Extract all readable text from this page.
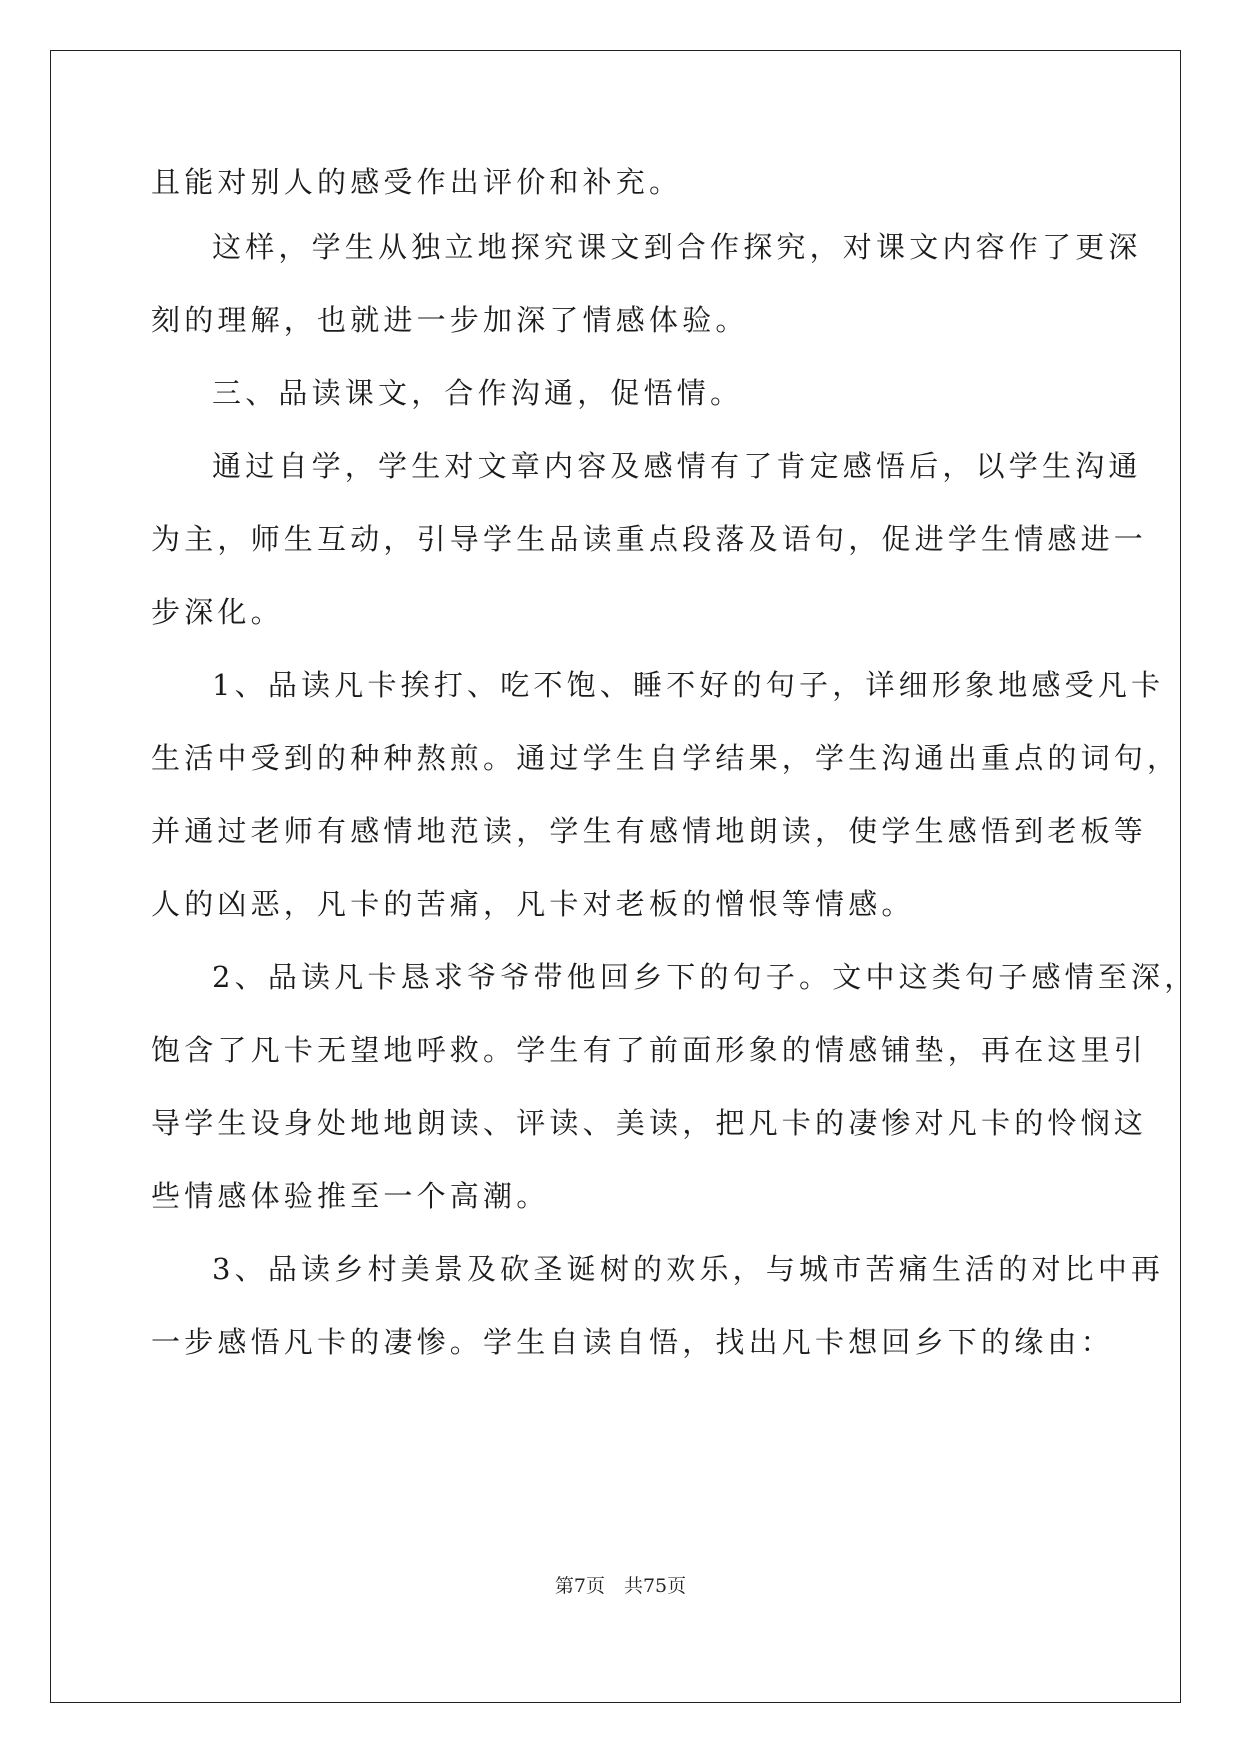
且能对别人的感受作出评价和补充。
这样，学生从独立地探究课文到合作探究，对课文内容作了更深
刻的理解，也就进一步加深了情感体验。
三、品读课文，合作沟通，促悟情。
通过自学，学生对文章内容及感情有了肯定感悟后，以学生沟通
为主，师生互动，引导学生品读重点段落及语句，促进学生情感进一
步深化。
1、品读凡卡挨打、吃不饱、睡不好的句子，详细形象地感受凡卡
生活中受到的种种熬煎。通过学生自学结果，学生沟通出重点的词句，
并通过老师有感情地范读，学生有感情地朗读，使学生感悟到老板等
人的凶恶，凡卡的苦痛，凡卡对老板的憎恨等情感。
2、品读凡卡恳求爷爷带他回乡下的句子。文中这类句子感情至深，
饱含了凡卡无望地呼救。学生有了前面形象的情感铺垫，再在这里引
导学生设身处地地朗读、评读、美读，把凡卡的凄惨对凡卡的怜悯这
些情感体验推至一个高潮。
3、品读乡村美景及砍圣诞树的欢乐，与城市苦痛生活的对比中再
一步感悟凡卡的凄惨。学生自读自悟，找出凡卡想回乡下的缘由：
第7页　共75页
